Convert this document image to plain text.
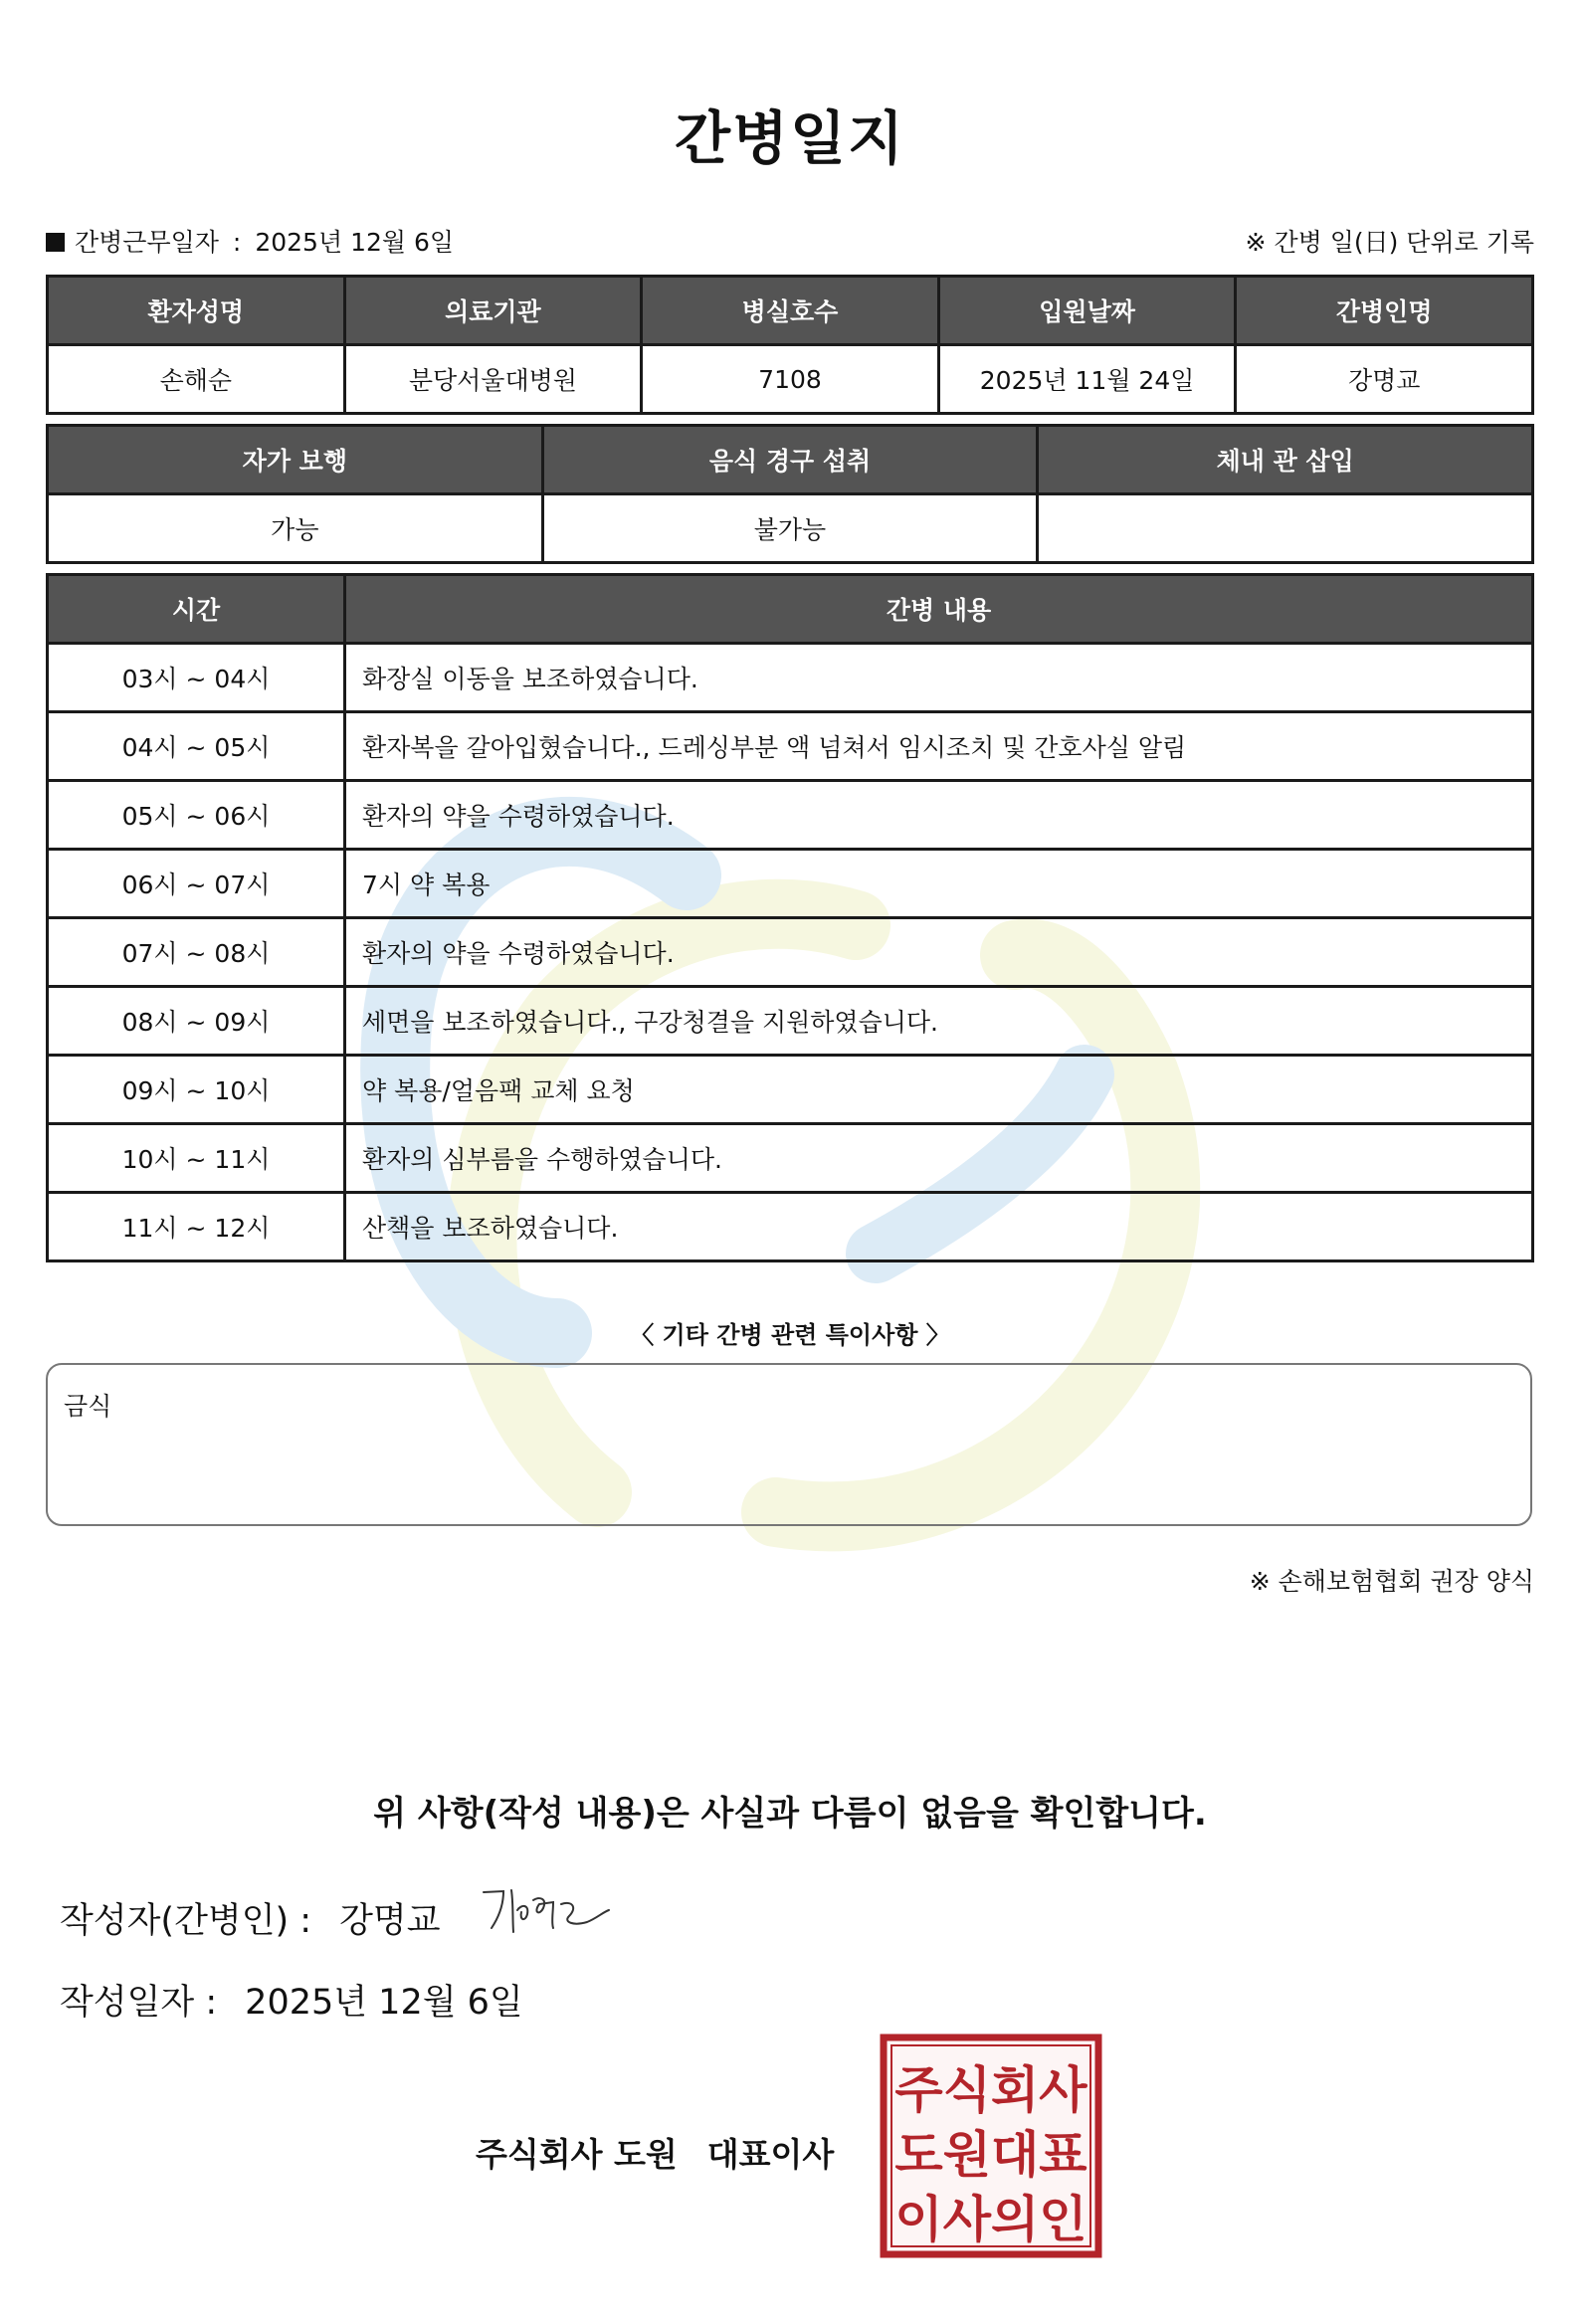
간병일지
간병근무일자 : 2025년 12월 6일	※ 간병 일(日) 단위로 기록
환자성명	의료기관	병실호수	입원날짜	간병인명
손해순	분당서울대병원	7108	2025년 11월 24일	강명교
자가 보행	음식 경구 섭취	체내 관 삽입
가능	불가능	
시간	간병 내용
03시 ~ 04시	화장실 이동을 보조하였습니다.
04시 ~ 05시	환자복을 갈아입혔습니다., 드레싱부분 액 넘쳐서 임시조치 및 간호사실 알림
05시 ~ 06시	환자의 약을 수령하였습니다.
06시 ~ 07시	7시 약 복용
07시 ~ 08시	환자의 약을 수령하였습니다.
08시 ~ 09시	세면을 보조하였습니다., 구강청결을 지원하였습니다.
09시 ~ 10시	약 복용/얼음팩 교체 요청
10시 ~ 11시	환자의 심부름을 수행하였습니다.
11시 ~ 12시	산책을 보조하였습니다.
〈 기타 간병 관련 특이사항 〉
금식
※ 손해보험협회 권장 양식
위 사항(작성 내용)은 사실과 다름이 없음을 확인합니다.
작성자(간병인) : 강명교
작성일자 : 2025년 12월 6일
주식회사 도원 대표이사
주식회사
도원대표
이사의인
